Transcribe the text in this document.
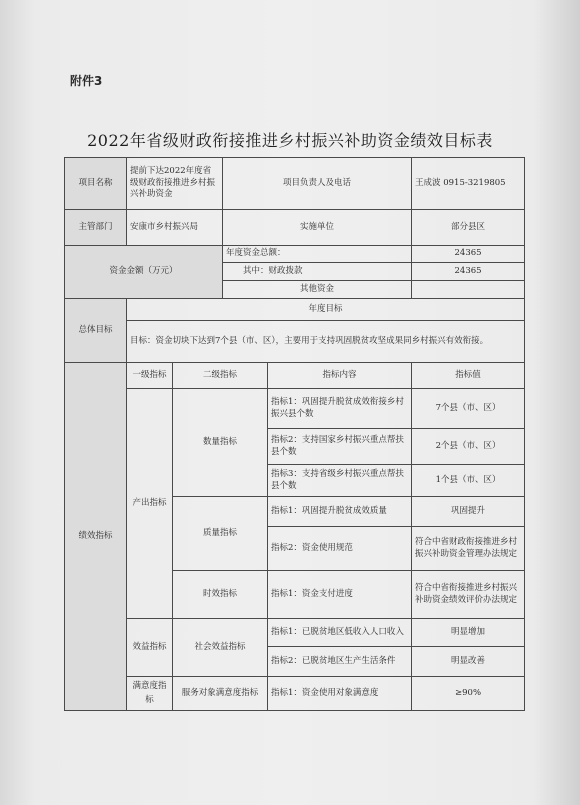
附件3
2022年省级财政衔接推进乡村振兴补助资金绩效目标表
项目名称	提前下达2022年度省级财政衔接推进乡村振兴补助资金		项目负责人及电话		王成波 0915-3219805
主管部门	安康市乡村振兴局		实施单位		部分县区
资金金额（万元）			年度资金总额：		24365
			其中：财政拨款		24365
			其他资金		
总体目标	年度目标				
	目标：资金切块下达到7个县（市、区），主要用于支持巩固脱贫攻坚成果同乡村振兴有效衔接。				
绩效指标	一级指标	二级指标		指标内容	指标值
	产出指标	数量指标		指标1：巩固提升脱贫成效衔接乡村振兴县个数	7个县（市、区）
				指标2：支持国家乡村振兴重点帮扶县个数	2个县（市、区）
				指标3：支持省级乡村振兴重点帮扶县个数	1个县（市、区）
		质量指标		指标1：巩固提升脱贫成效质量	巩固提升
				指标2：资金使用规范	符合中省财政衔接推进乡村振兴补助资金管理办法规定
		时效指标		指标1：资金支付进度	符合中省衔接推进乡村振兴补助资金绩效评价办法规定
	效益指标	社会效益指标		指标1：已脱贫地区低收入人口收入	明显增加
				指标2：已脱贫地区生产生活条件	明显改善
	满意度指标	服务对象满意度指标		指标1：资金使用对象满意度	≥90%
